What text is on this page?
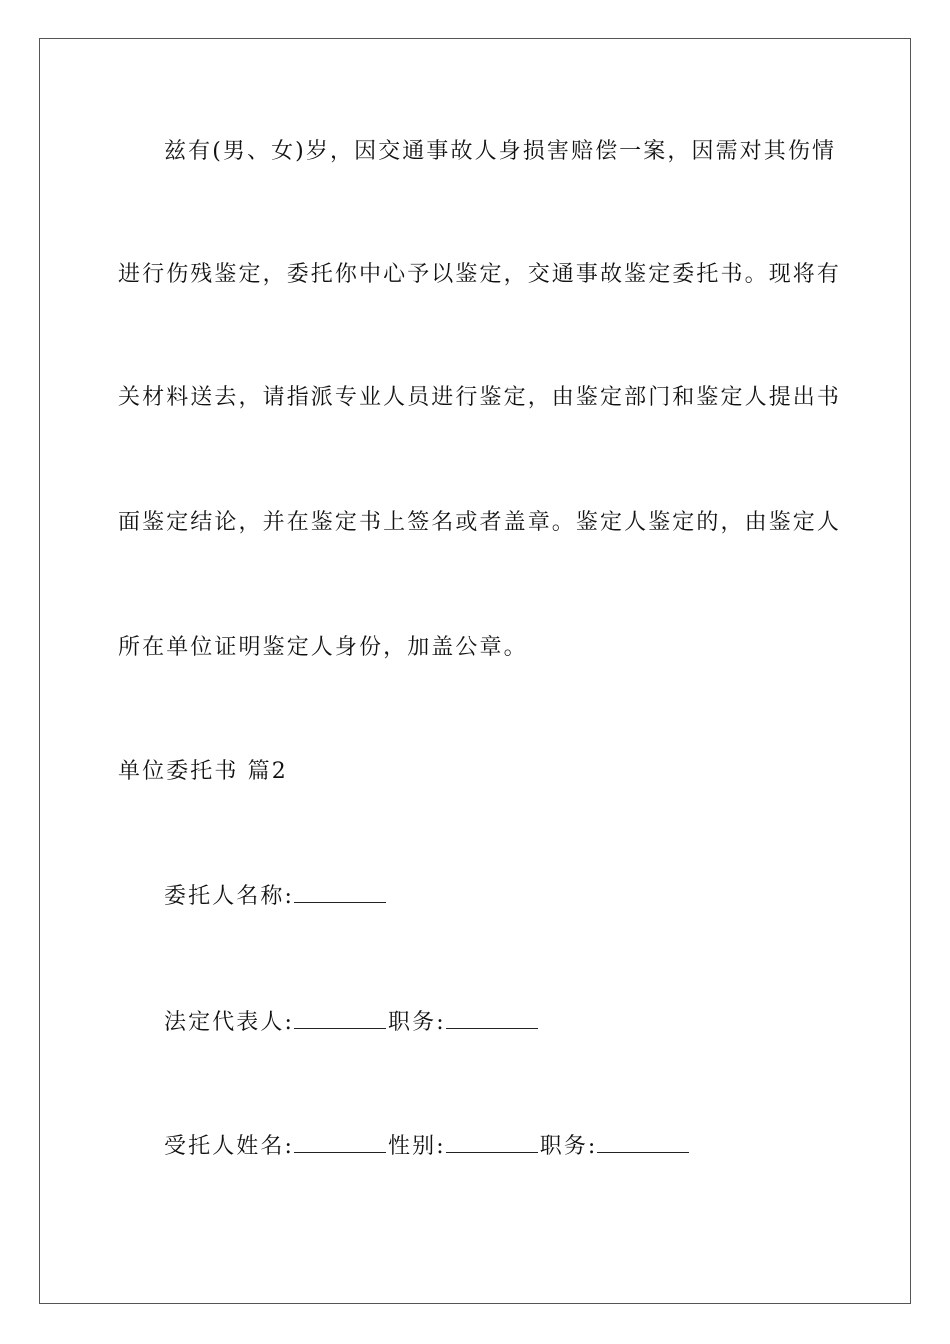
兹有(男、女)岁，因交通事故人身损害赔偿一案，因需对其伤情
进行伤残鉴定，委托你中心予以鉴定，交通事故鉴定委托书。现将有
关材料送去，请指派专业人员进行鉴定，由鉴定部门和鉴定人提出书
面鉴定结论，并在鉴定书上签名或者盖章。鉴定人鉴定的，由鉴定人
所在单位证明鉴定人身份，加盖公章。
单位委托书 篇2
委托人名称:
法定代表人:	职务:
受托人姓名:	性别:	职务:
